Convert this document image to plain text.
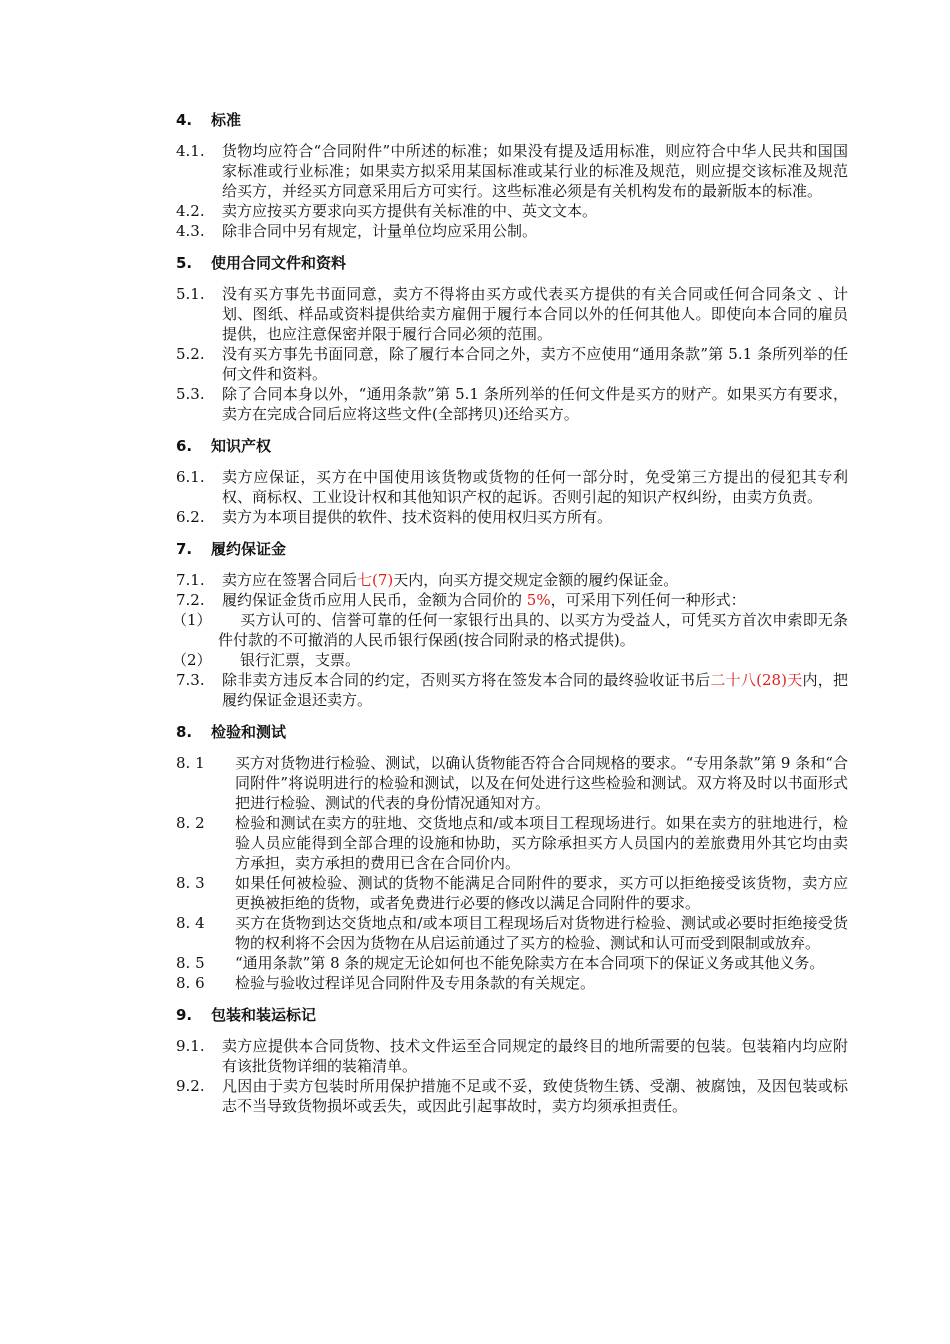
4.	标准
4.1.	货物均应符合“合同附件”中所述的标准；如果没有提及适用标准，则应符合中华人民共和国国家标准或行业标准；如果卖方拟采用某国标准或某行业的标准及规范，则应提交该标准及规范给买方，并经买方同意采用后方可实行。这些标准必须是有关机构发布的最新版本的标准。
4.2.	卖方应按买方要求向买方提供有关标准的中、英文文本。
4.3.	除非合同中另有规定，计量单位均应采用公制。
5.	使用合同文件和资料
5.1.	没有买方事先书面同意，卖方不得将由买方或代表买方提供的有关合同或任何合同条文 、计划、图纸、样品或资料提供给卖方雇佣于履行本合同以外的任何其他人。即使向本合同的雇员提供，也应注意保密并限于履行合同必须的范围。
5.2.	没有买方事先书面同意，除了履行本合同之外，卖方不应使用“通用条款”第 5.1 条所列举的任何文件和资料。
5.3.	除了合同本身以外，“通用条款”第 5.1 条所列举的任何文件是买方的财产。如果买方有要求，卖方在完成合同后应将这些文件(全部拷贝)还给买方。
6.	知识产权
6.1.	卖方应保证，买方在中国使用该货物或货物的任何一部分时，免受第三方提出的侵犯其专利权、商标权、工业设计权和其他知识产权的起诉。否则引起的知识产权纠纷，由卖方负责。
6.2.	卖方为本项目提供的软件、技术资料的使用权归买方所有。
7.	履约保证金
7.1.	卖方应在签署合同后七(7)天内，向买方提交规定金额的履约保证金。
7.2.	履约保证金货币应用人民币，金额为合同价的 5%，可采用下列任何一种形式：
（1） 买方认可的、信誉可靠的任何一家银行出具的、以买方为受益人，可凭买方首次申索即无条件付款的不可撤消的人民币银行保函(按合同附录的格式提供)。
（2） 银行汇票，支票。
7.3.	除非卖方违反本合同的约定，否则买方将在签发本合同的最终验收证书后二十八(28)天内，把履约保证金退还卖方。
8.	检验和测试
8. 1	买方对货物进行检验、测试，以确认货物能否符合合同规格的要求。“专用条款”第 9 条和“合同附件”将说明进行的检验和测试，以及在何处进行这些检验和测试。双方将及时以书面形式把进行检验、测试的代表的身份情况通知对方。
8. 2	检验和测试在卖方的驻地、交货地点和/或本项目工程现场进行。如果在卖方的驻地进行，检验人员应能得到全部合理的设施和协助，买方除承担买方人员国内的差旅费用外其它均由卖方承担，卖方承担的费用已含在合同价内。
8. 3	如果任何被检验、测试的货物不能满足合同附件的要求，买方可以拒绝接受该货物，卖方应更换被拒绝的货物，或者免费进行必要的修改以满足合同附件的要求。
8. 4	买方在货物到达交货地点和/或本项目工程现场后对货物进行检验、测试或必要时拒绝接受货物的权利将不会因为货物在从启运前通过了买方的检验、测试和认可而受到限制或放弃。
8. 5	“通用条款”第 8 条的规定无论如何也不能免除卖方在本合同项下的保证义务或其他义务。
8. 6	检验与验收过程详见合同附件及专用条款的有关规定。
9.	包装和装运标记
9.1.	卖方应提供本合同货物、技术文件运至合同规定的最终目的地所需要的包装。包装箱内均应附有该批货物详细的装箱清单。
9.2.	凡因由于卖方包装时所用保护措施不足或不妥，致使货物生锈、受潮、被腐蚀，及因包装或标志不当导致货物损坏或丢失，或因此引起事故时，卖方均须承担责任。
